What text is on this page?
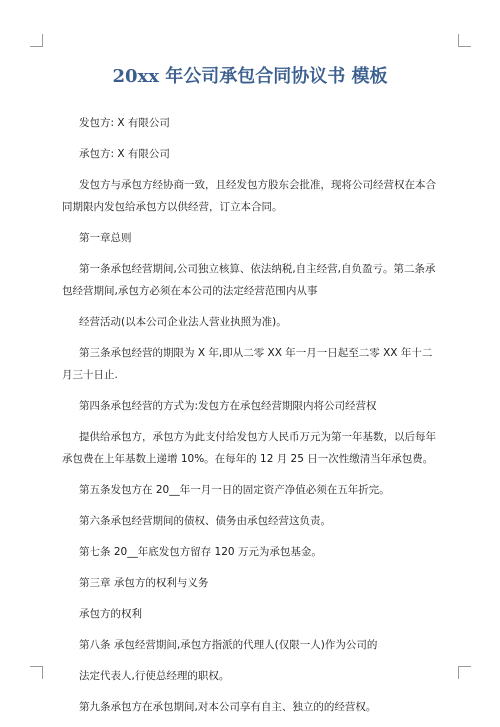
20xx 年公司承包合同协议书 模板

发包方: X 有限公司

承包方: X 有限公司

发包方与承包方经协商一致，且经发包方股东会批准，现将公司经营权在本合同期限内发包给承包方以供经营，订立本合同。

第一章总则

第一条承包经营期间,公司独立核算、依法纳税,自主经营,自负盈亏。第二条承包经营期间,承包方必须在本公司的法定经营范围内从事

经营活动(以本公司企业法人营业执照为准)。

第三条承包经营的期限为 X 年,即从二零 XX 年一月一日起至二零 XX 年十二月三十日止.

第四条承包经营的方式为:发包方在承包经营期限内将公司经营权

提供给承包方，承包方为此支付给发包方人民币万元为第一年基数，以后每年承包费在上年基数上递增 10%。在每年的 12 月 25 日一次性缴清当年承包费。

第五条发包方在 20__年一月一日的固定资产净值必须在五年折完。

第六条承包经营期间的债权、债务由承包经营这负责。

第七条 20__年底发包方留存 120 万元为承包基金。

第三章 承包方的权利与义务

承包方的权利

第八条 承包经营期间,承包方指派的代理人(仅限一人)作为公司的

法定代表人,行使总经理的职权。

第九条承包方在承包期间,对本公司享有自主、独立的的经营权。
